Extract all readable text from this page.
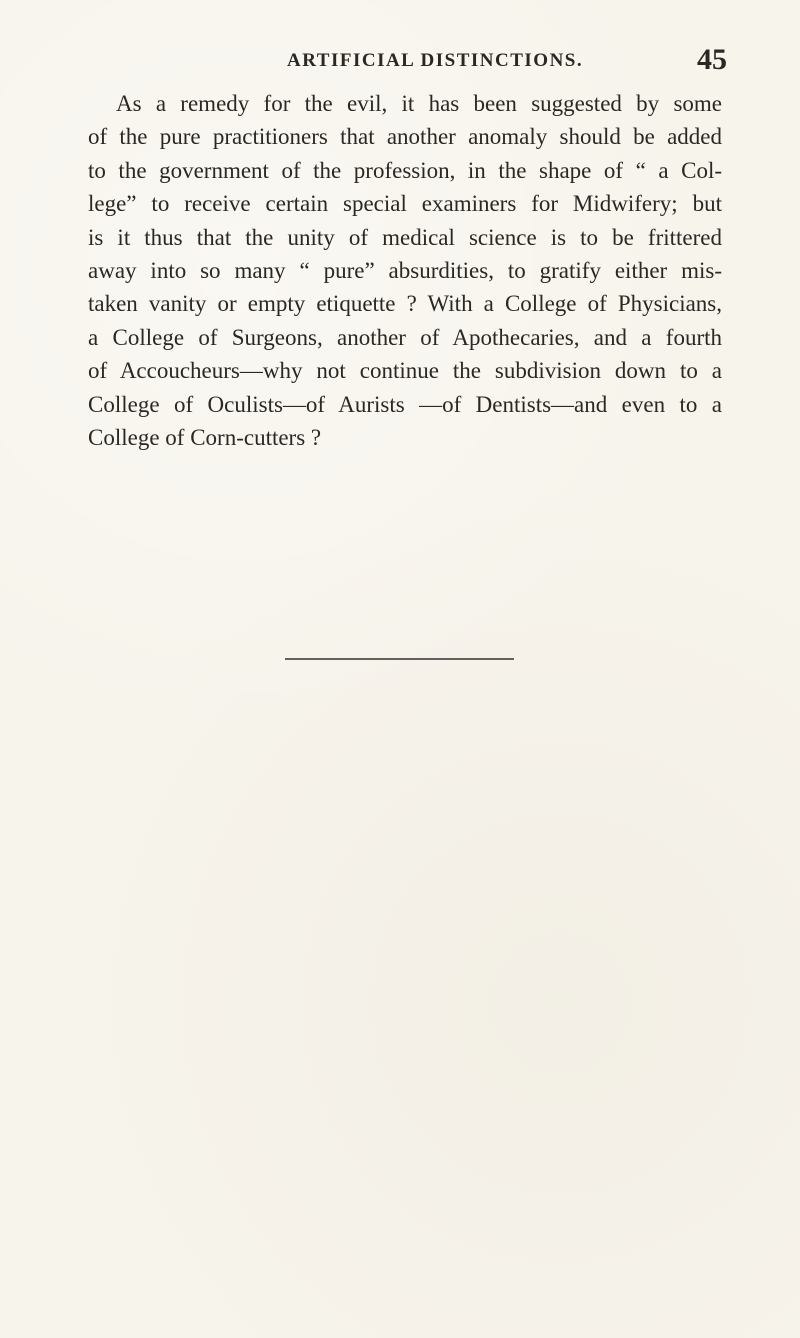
ARTIFICIAL DISTINCTIONS.	45
As a remedy for the evil, it has been suggested by some
of the pure practitioners that another anomaly should be added
to the government of the profession, in the shape of “ a Col-
lege” to receive certain special examiners for Midwifery; but
is it thus that the unity of medical science is to be frittered
away into so many “ pure” absurdities, to gratify either mis-
taken vanity or empty etiquette ? With a College of Physicians,
a College of Surgeons, another of Apothecaries, and a fourth
of Accoucheurs—why not continue the subdivision down to a
College of Oculists—of Aurists —of Dentists—and even to a
College of Corn-cutters ?
